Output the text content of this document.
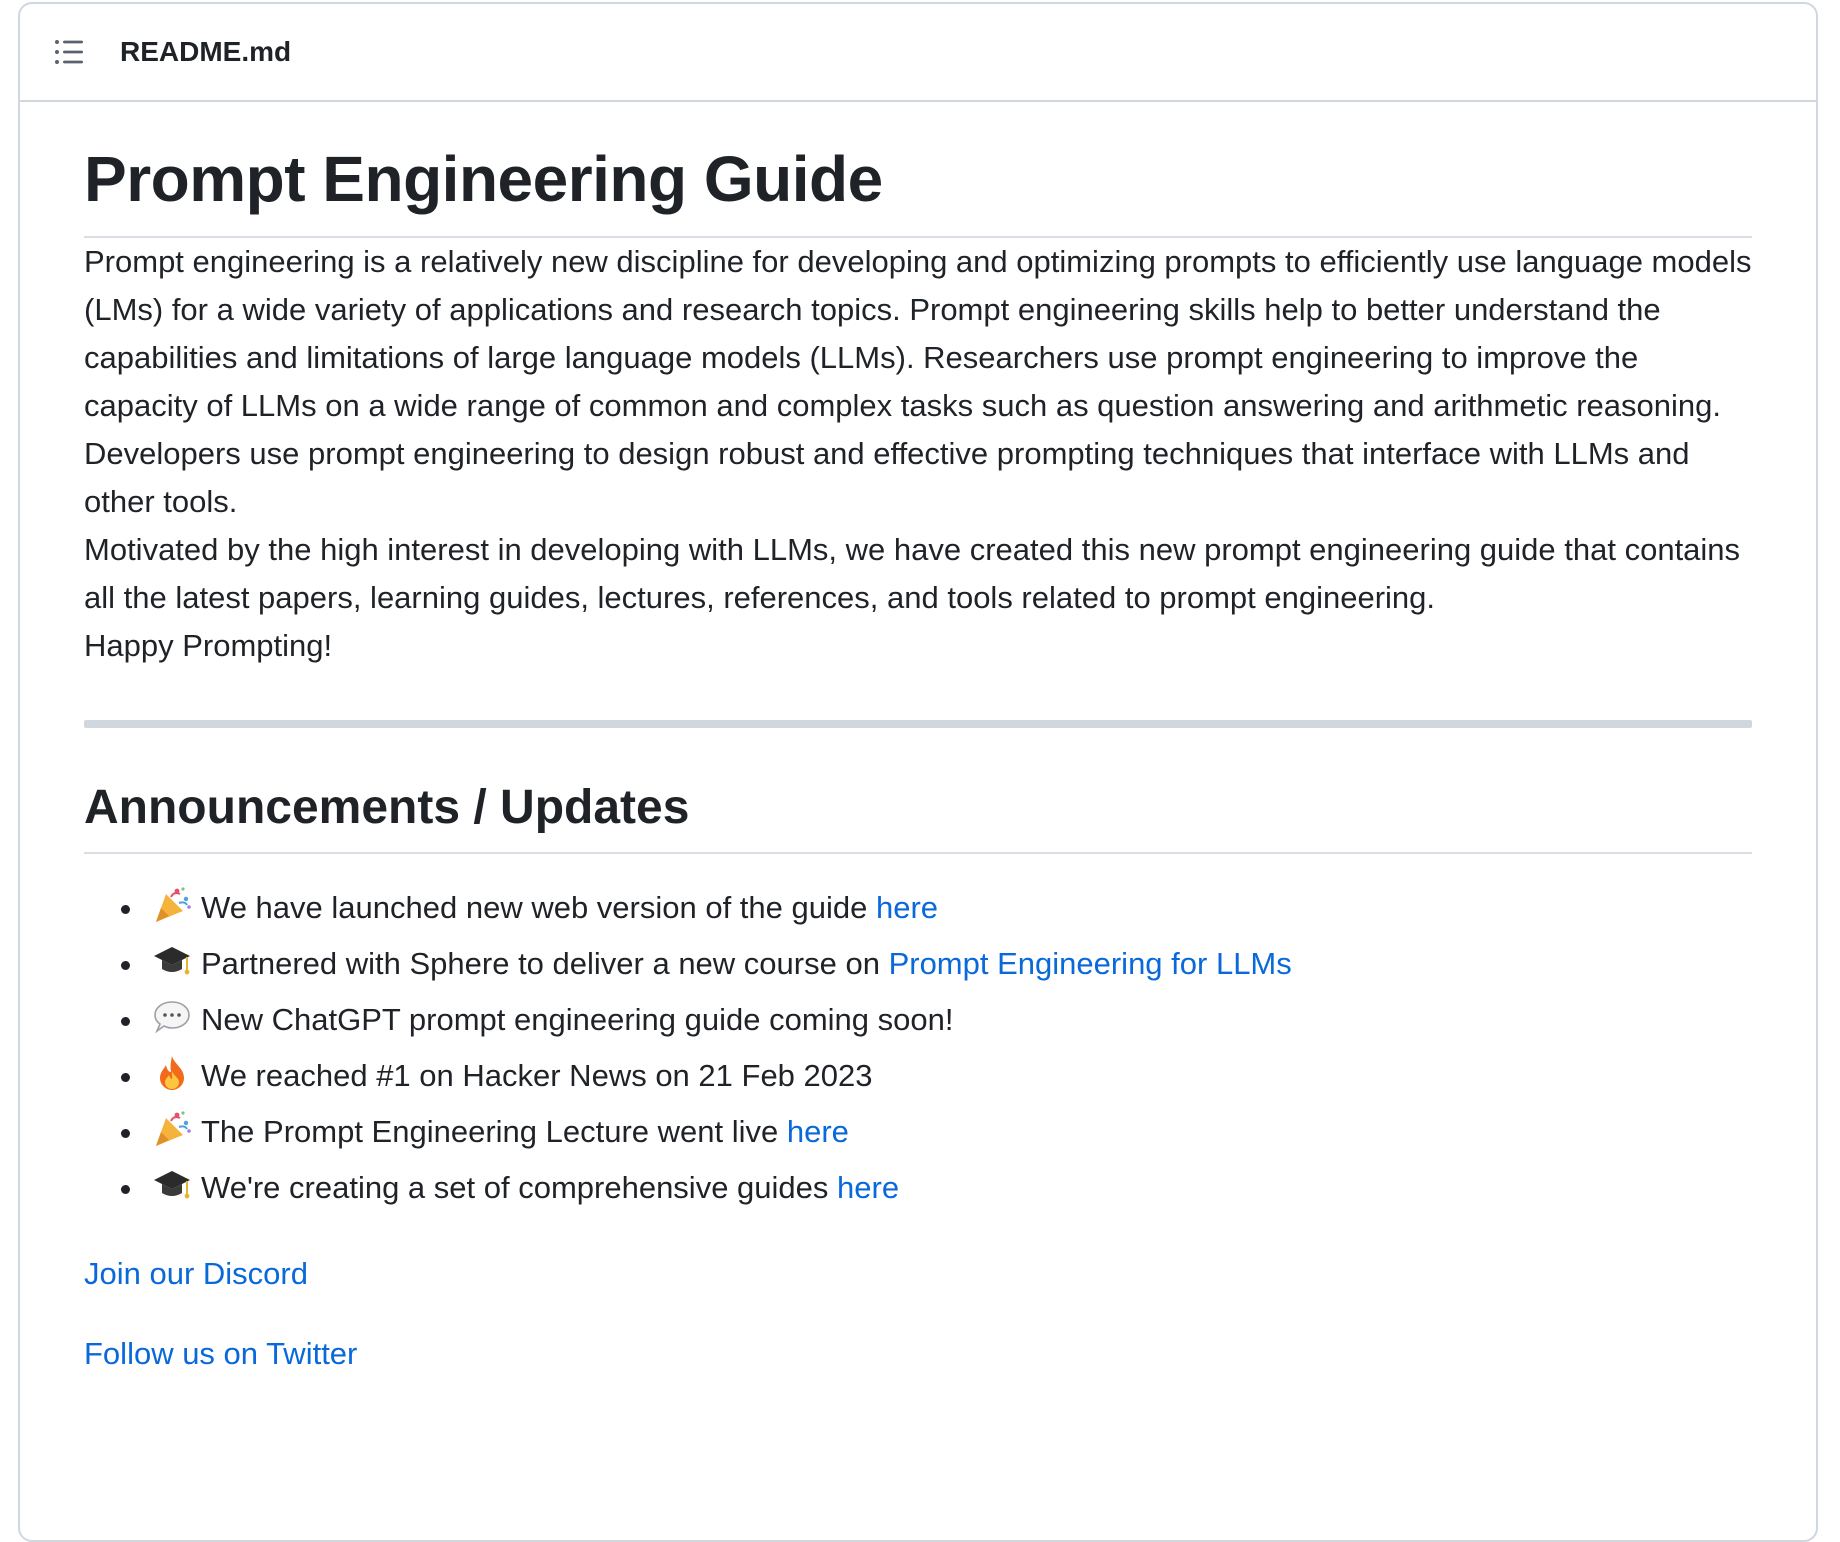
README.md
Prompt Engineering Guide

Prompt engineering is a relatively new discipline for developing and optimizing prompts to efficiently use language models (LMs) for a wide variety of applications and research topics. Prompt engineering skills help to better understand the capabilities and limitations of large language models (LLMs). Researchers use prompt engineering to improve the capacity of LLMs on a wide range of common and complex tasks such as question answering and arithmetic reasoning. Developers use prompt engineering to design robust and effective prompting techniques that interface with LLMs and other tools.

Motivated by the high interest in developing with LLMs, we have created this new prompt engineering guide that contains all the latest papers, learning guides, lectures, references, and tools related to prompt engineering.

Happy Prompting!

Announcements / Updates
We have launched new web version of the guide here
Partnered with Sphere to deliver a new course on Prompt Engineering for LLMs
New ChatGPT prompt engineering guide coming soon!
We reached #1 on Hacker News on 21 Feb 2023
The Prompt Engineering Lecture went live here
We're creating a set of comprehensive guides here

Join our Discord

Follow us on Twitter
